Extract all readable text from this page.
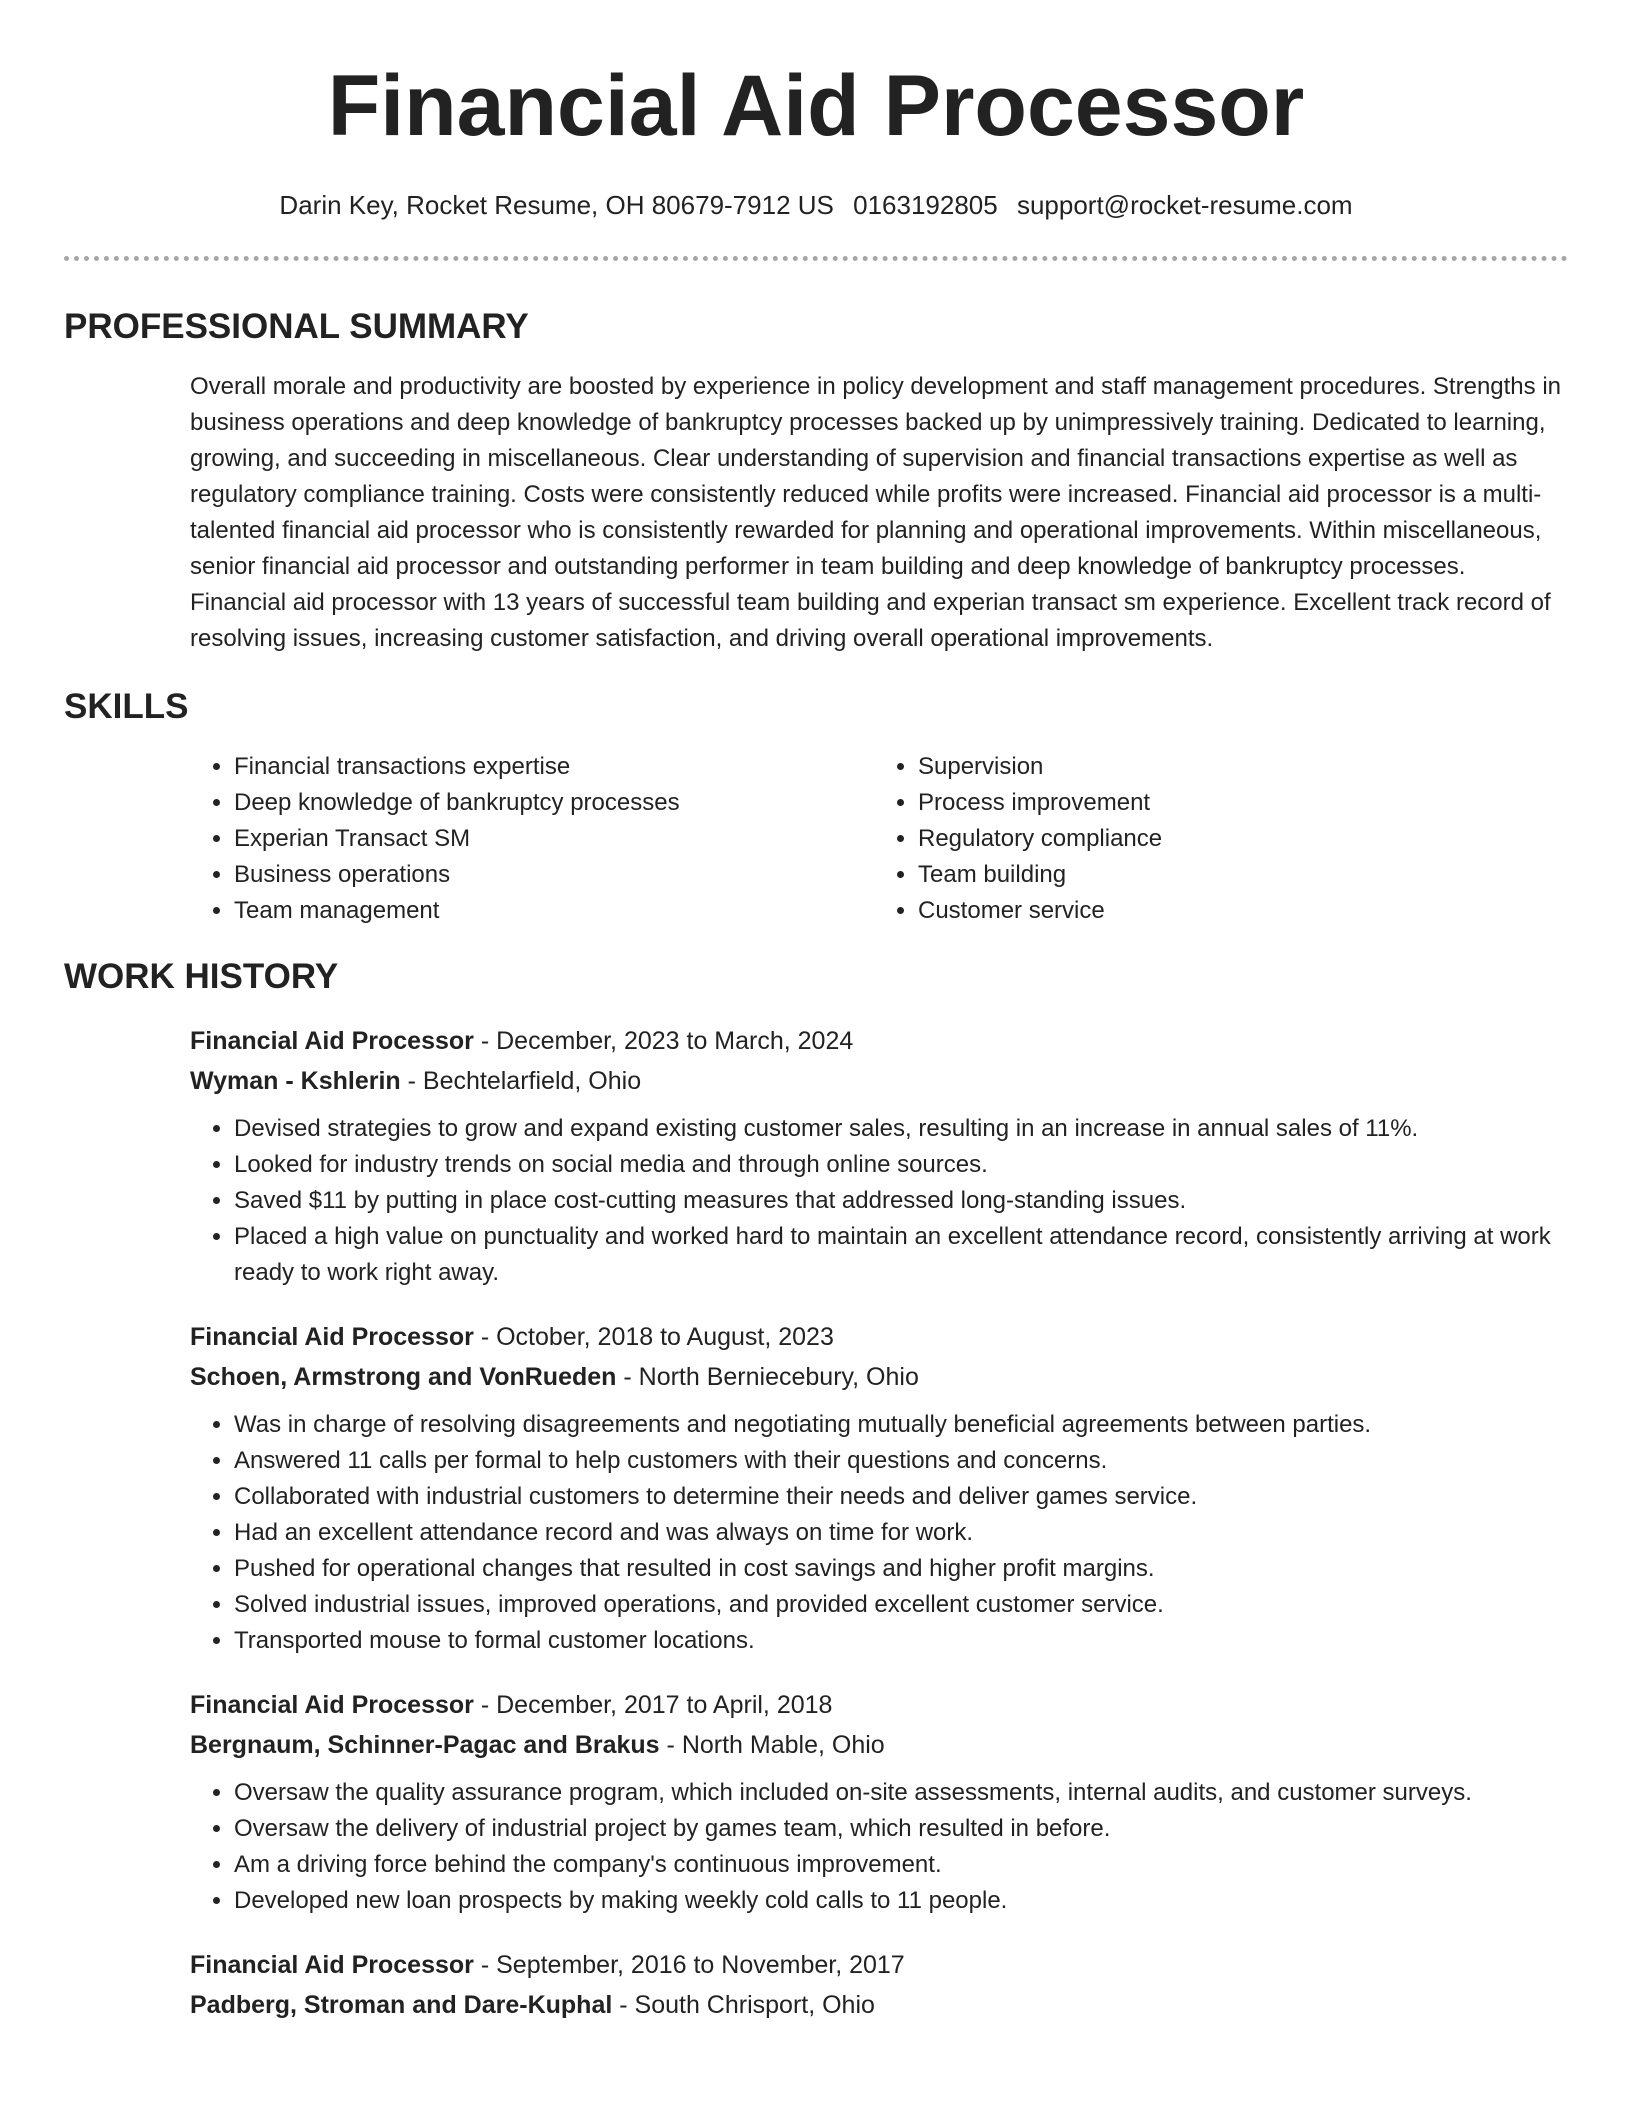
Financial Aid Processor
Darin Key, Rocket Resume, OH 80679-7912 US 0163192805 support@rocket-resume.com
PROFESSIONAL SUMMARY
Overall morale and productivity are boosted by experience in policy development and staff management procedures. Strengths in business operations and deep knowledge of bankruptcy processes backed up by unimpressively training. Dedicated to learning, growing, and succeeding in miscellaneous. Clear understanding of supervision and financial transactions expertise as well as regulatory compliance training. Costs were consistently reduced while profits were increased. Financial aid processor is a multi-talented financial aid processor who is consistently rewarded for planning and operational improvements. Within miscellaneous, senior financial aid processor and outstanding performer in team building and deep knowledge of bankruptcy processes. Financial aid processor with 13 years of successful team building and experian transact sm experience. Excellent track record of resolving issues, increasing customer satisfaction, and driving overall operational improvements.
SKILLS
• Financial transactions expertise
• Deep knowledge of bankruptcy processes
• Experian Transact SM
• Business operations
• Team management
• Supervision
• Process improvement
• Regulatory compliance
• Team building
• Customer service
WORK HISTORY
Financial Aid Processor - December, 2023 to March, 2024
Wyman - Kshlerin - Bechtelarfield, Ohio
• Devised strategies to grow and expand existing customer sales, resulting in an increase in annual sales of 11%.
• Looked for industry trends on social media and through online sources.
• Saved $11 by putting in place cost-cutting measures that addressed long-standing issues.
• Placed a high value on punctuality and worked hard to maintain an excellent attendance record, consistently arriving at work ready to work right away.
Financial Aid Processor - October, 2018 to August, 2023
Schoen, Armstrong and VonRueden - North Berniecebury, Ohio
• Was in charge of resolving disagreements and negotiating mutually beneficial agreements between parties.
• Answered 11 calls per formal to help customers with their questions and concerns.
• Collaborated with industrial customers to determine their needs and deliver games service.
• Had an excellent attendance record and was always on time for work.
• Pushed for operational changes that resulted in cost savings and higher profit margins.
• Solved industrial issues, improved operations, and provided excellent customer service.
• Transported mouse to formal customer locations.
Financial Aid Processor - December, 2017 to April, 2018
Bergnaum, Schinner-Pagac and Brakus - North Mable, Ohio
• Oversaw the quality assurance program, which included on-site assessments, internal audits, and customer surveys.
• Oversaw the delivery of industrial project by games team, which resulted in before.
• Am a driving force behind the company's continuous improvement.
• Developed new loan prospects by making weekly cold calls to 11 people.
Financial Aid Processor - September, 2016 to November, 2017
Padberg, Stroman and Dare-Kuphal - South Chrisport, Ohio
